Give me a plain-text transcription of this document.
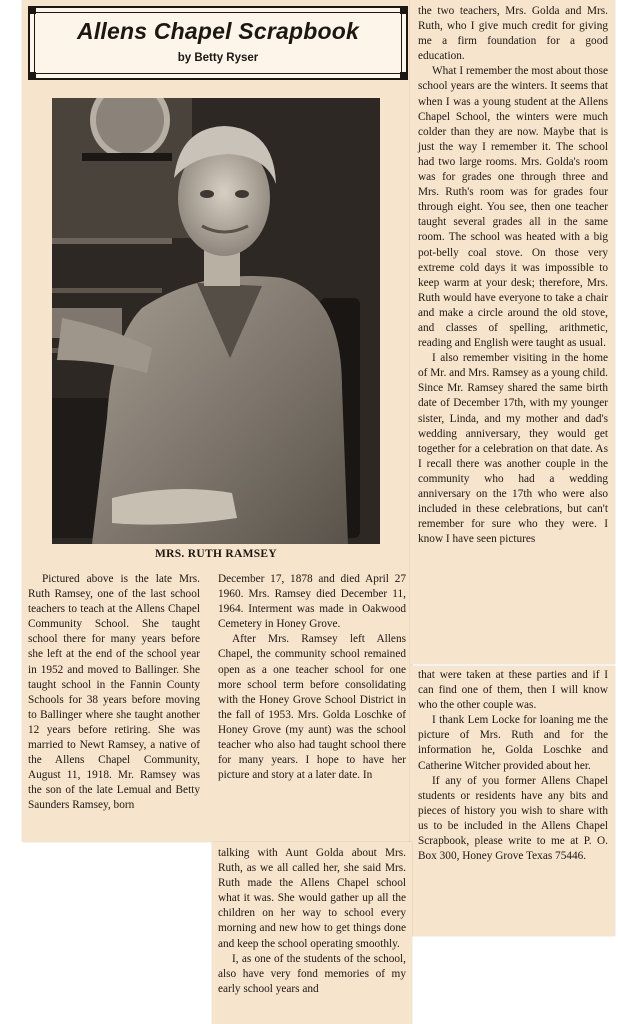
Allens Chapel Scrapbook
by Betty Ryser
MRS. RUTH RAMSEY

Pictured above is the late Mrs. Ruth Ramsey, one of the last school teachers to teach at the Allens Chapel Community School. She taught school there for many years before she left at the end of the school year in 1952 and moved to Ballinger. She taught school in the Fannin County Schools for 38 years before moving to Ballinger where she taught another 12 years before retiring. She was married to Newt Ramsey, a native of the Allens Chapel Community, August 11, 1918. Mr. Ramsey was the son of the late Lemual and Betty Saunders Ramsey, born

December 17, 1878 and died April 27 1960. Mrs. Ramsey died December 11, 1964. Interment was made in Oakwood Cemetery in Honey Grove.

After Mrs. Ramsey left Allens Chapel, the community school remained open as a one teacher school for one more school term before consolidating with the Honey Grove School District in the fall of 1953. Mrs. Golda Loschke of Honey Grove (my aunt) was the school teacher who also had taught school there for many years. I hope to have her picture and story at a later date. In

talking with Aunt Golda about Mrs. Ruth, as we all called her, she said Mrs. Ruth made the Allens Chapel school what it was. She would gather up all the children on her way to school every morning and new how to get things done and keep the school operating smoothly.

I, as one of the students of the school, also have very fond memories of my early school years and

the two teachers, Mrs. Golda and Mrs. Ruth, who I give much credit for giving me a firm foundation for a good education.

What I remember the most about those school years are the winters. It seems that when I was a young student at the Allens Chapel School, the winters were much colder than they are now. Maybe that is just the way I remember it. The school had two large rooms. Mrs. Golda's room was for grades one through three and Mrs. Ruth's room was for grades four through eight. You see, then one teacher taught several grades all in the same room. The school was heated with a big pot-belly coal stove. On those very extreme cold days it was impossible to keep warm at your desk; therefore, Mrs. Ruth would have everyone to take a chair and make a circle around the old stove, and classes of spelling, arithmetic, reading and English were taught as usual.

I also remember visiting in the home of Mr. and Mrs. Ramsey as a young child. Since Mr. Ramsey shared the same birth date of December 17th, with my younger sister, Linda, and my mother and dad's wedding anniversary, they would get together for a celebration on that date. As I recall there was another couple in the community who had a wedding anniversary on the 17th who were also included in these celebrations, but can't remember for sure who they were. I know I have seen pictures

that were taken at these parties and if I can find one of them, then I will know who the other couple was.

I thank Lem Locke for loaning me the picture of Mrs. Ruth and for the information he, Golda Loschke and Catherine Witcher provided about her.

If any of you former Allens Chapel students or residents have any bits and pieces of history you wish to share with us to be included in the Allens Chapel Scrapbook, please write to me at P. O. Box 300, Honey Grove Texas 75446.
